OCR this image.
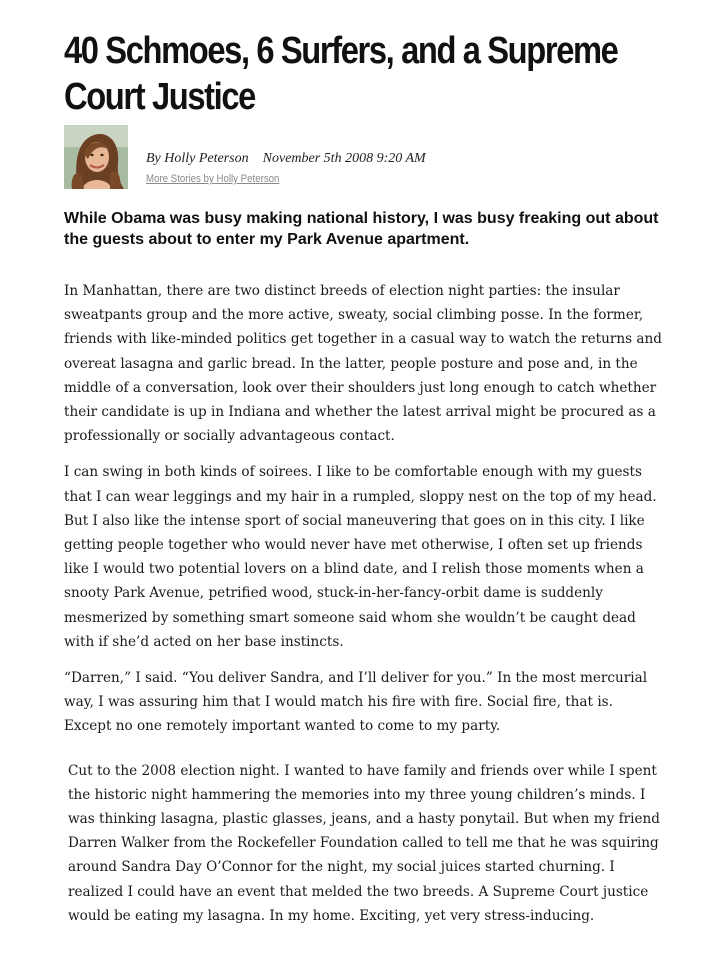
40 Schmoes, 6 Surfers, and a Supreme Court Justice
By Holly Peterson November 5th 2008 9:20 AM
More Stories by Holly Peterson
While Obama was busy making national history, I was busy freaking out about the guests about to enter my Park Avenue apartment.

In Manhattan, there are two distinct breeds of election night parties: the insular sweatpants group and the more active, sweaty, social climbing posse. In the former, friends with like-minded politics get together in a casual way to watch the returns and overeat lasagna and garlic bread. In the latter, people posture and pose and, in the middle of a conversation, look over their shoulders just long enough to catch whether their candidate is up in Indiana and whether the latest arrival might be procured as a professionally or socially advantageous contact.

I can swing in both kinds of soirees. I like to be comfortable enough with my guests that I can wear leggings and my hair in a rumpled, sloppy nest on the top of my head. But I also like the intense sport of social maneuvering that goes on in this city. I like getting people together who would never have met otherwise, I often set up friends like I would two potential lovers on a blind date, and I relish those moments when a snooty Park Avenue, petrified wood, stuck-in-her-fancy-orbit dame is suddenly mesmerized by something smart someone said whom she wouldn’t be caught dead with if she’d acted on her base instincts.

“Darren,” I said. “You deliver Sandra, and I’ll deliver for you.” In the most mercurial way, I was assuring him that I would match his fire with fire. Social fire, that is. Except no one remotely important wanted to come to my party.

Cut to the 2008 election night. I wanted to have family and friends over while I spent the historic night hammering the memories into my three young children’s minds. I was thinking lasagna, plastic glasses, jeans, and a hasty ponytail. But when my friend Darren Walker from the Rockefeller Foundation called to tell me that he was squiring around Sandra Day O’Connor for the night, my social juices started churning. I realized I could have an event that melded the two breeds. A Supreme Court justice would be eating my lasagna. In my home. Exciting, yet very stress-inducing.
